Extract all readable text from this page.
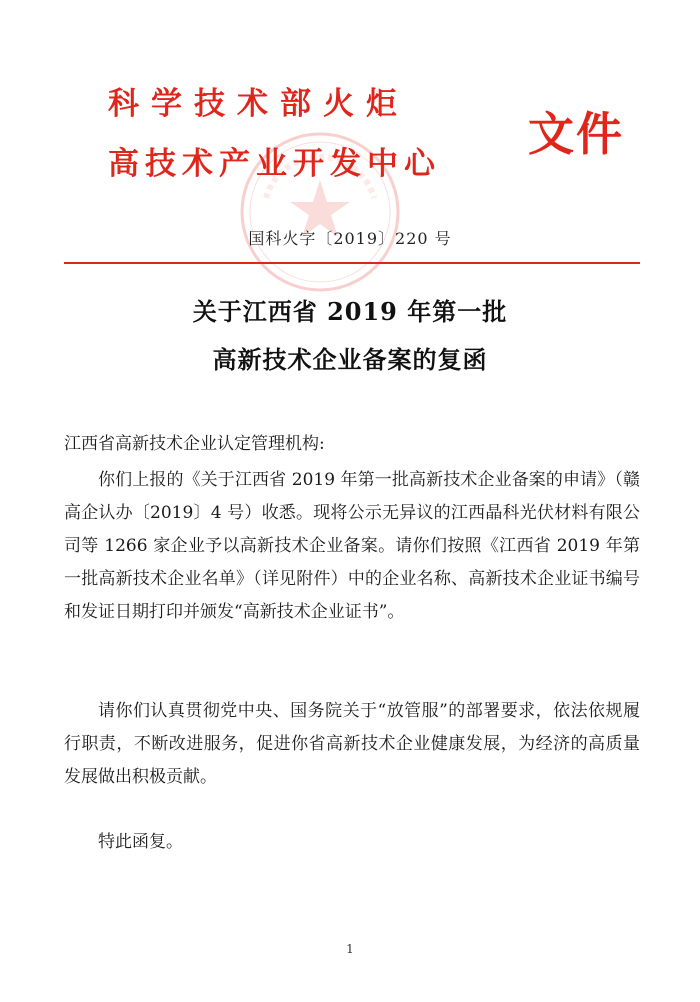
科学技术部火炬
高技术产业开发中心
文件
国科火字〔2019〕220 号
关于江西省 2019 年第一批
高新技术企业备案的复函

江西省高新技术企业认定管理机构:

你们上报的《关于江西省 2019 年第一批高新技术企业备案的申请》（赣高企认办〔2019〕4 号）收悉。现将公示无异议的江西晶科光伏材料有限公司等 1266 家企业予以高新技术企业备案。请你们按照《江西省 2019 年第一批高新技术企业名单》（详见附件）中的企业名称、高新技术企业证书编号和发证日期打印并颁发“高新技术企业证书”。

请你们认真贯彻党中央、国务院关于“放管服”的部署要求，依法依规履行职责，不断改进服务，促进你省高新技术企业健康发展，为经济的高质量发展做出积极贡献。

特此函复。

1
